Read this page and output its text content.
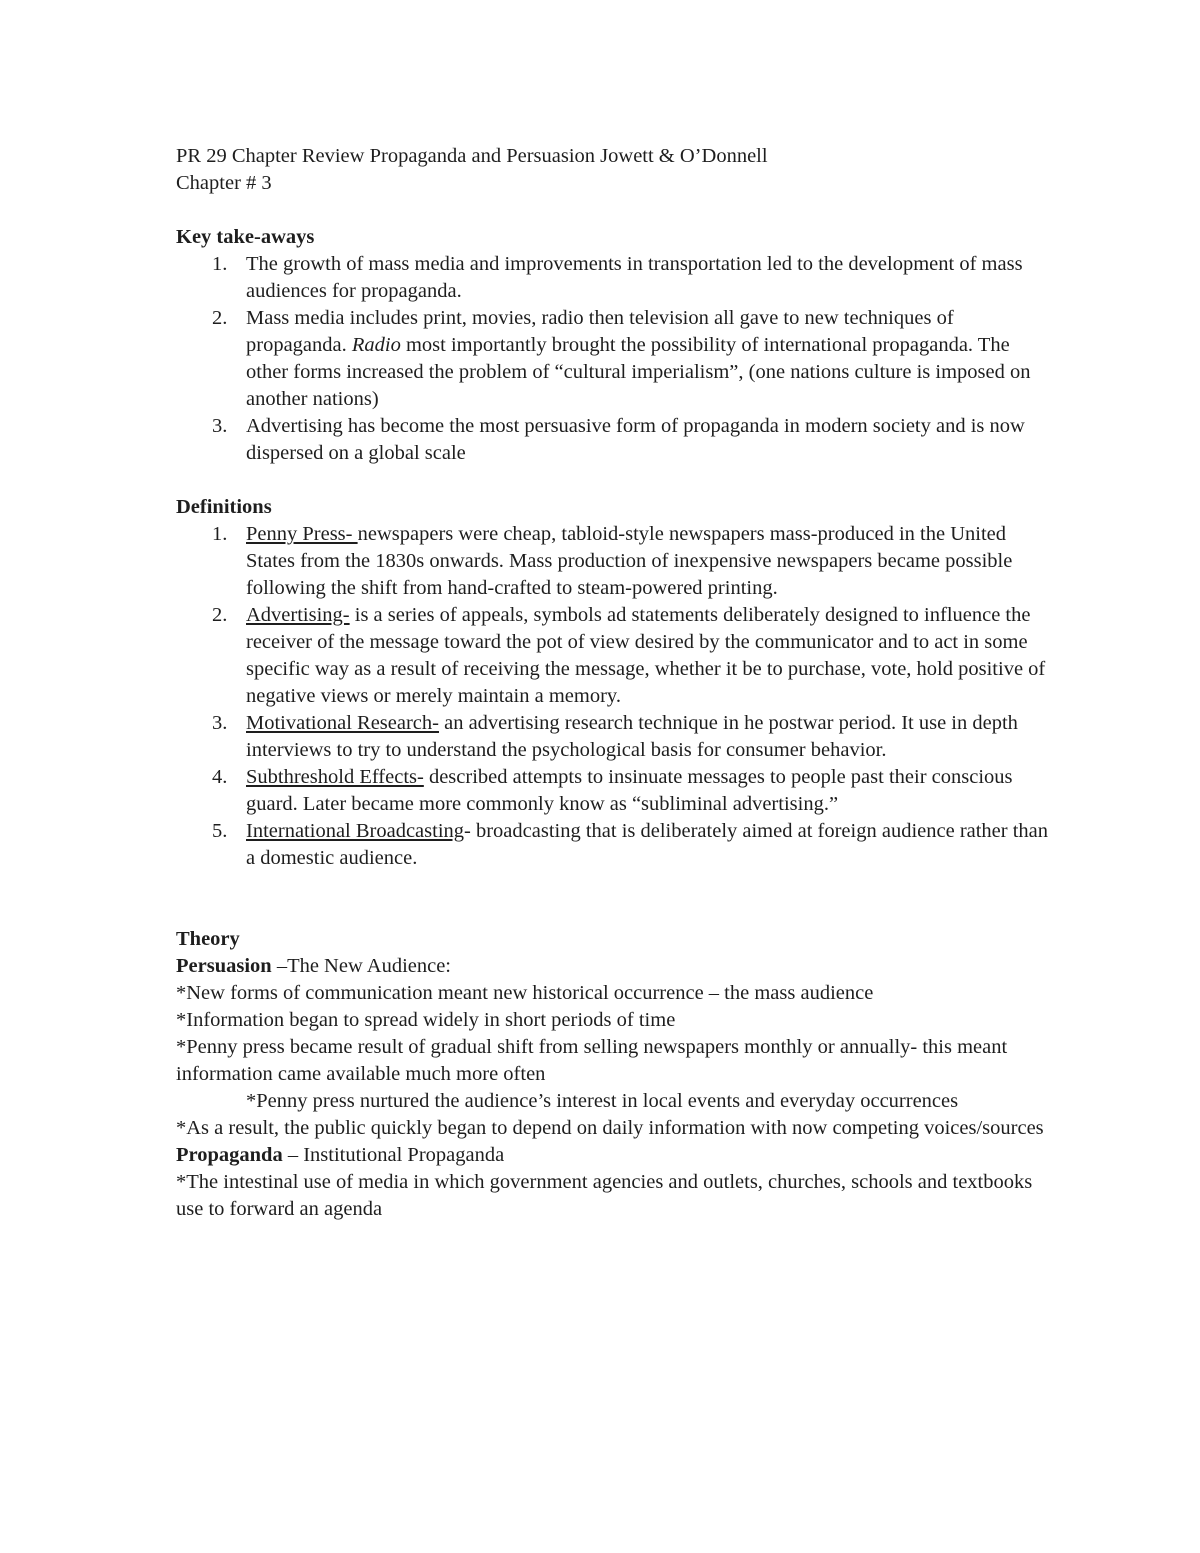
PR 29 Chapter Review Propaganda and Persuasion Jowett & O’Donnell

Chapter # 3

Key take-aways

1. The growth of mass media and improvements in transportation led to the development of mass audiences for propaganda.
2. Mass media includes print, movies, radio then television all gave to new techniques of propaganda. Radio most importantly brought the possibility of international propaganda. The other forms increased the problem of “cultural imperialism”, (one nations culture is imposed on another nations)
3. Advertising has become the most persuasive form of propaganda in modern society and is now dispersed on a global scale

Definitions

1. Penny Press- newspapers were cheap, tabloid-style newspapers mass-produced in the United States from the 1830s onwards. Mass production of inexpensive newspapers became possible following the shift from hand-crafted to steam-powered printing.
2. Advertising- is a series of appeals, symbols ad statements deliberately designed to influence the receiver of the message toward the pot of view desired by the communicator and to act in some specific way as a result of receiving the message, whether it be to purchase, vote, hold positive of negative views or merely maintain a memory.
3. Motivational Research- an advertising research technique in he postwar period. It use in depth interviews to try to understand the psychological basis for consumer behavior.
4. Subthreshold Effects- described attempts to insinuate messages to people past their conscious guard. Later became more commonly know as “subliminal advertising.”
5. International Broadcasting- broadcasting that is deliberately aimed at foreign audience rather than a domestic audience.

Theory

Persuasion –The New Audience:

*New forms of communication meant new historical occurrence – the mass audience

*Information began to spread widely in short periods of time

*Penny press became result of gradual shift from selling newspapers monthly or annually- this meant information came available much more often

*Penny press nurtured the audience’s interest in local events and everyday occurrences

*As a result, the public quickly began to depend on daily information with now competing voices/sources

Propaganda – Institutional Propaganda

*The intestinal use of media in which government agencies and outlets, churches, schools and textbooks use to forward an agenda
